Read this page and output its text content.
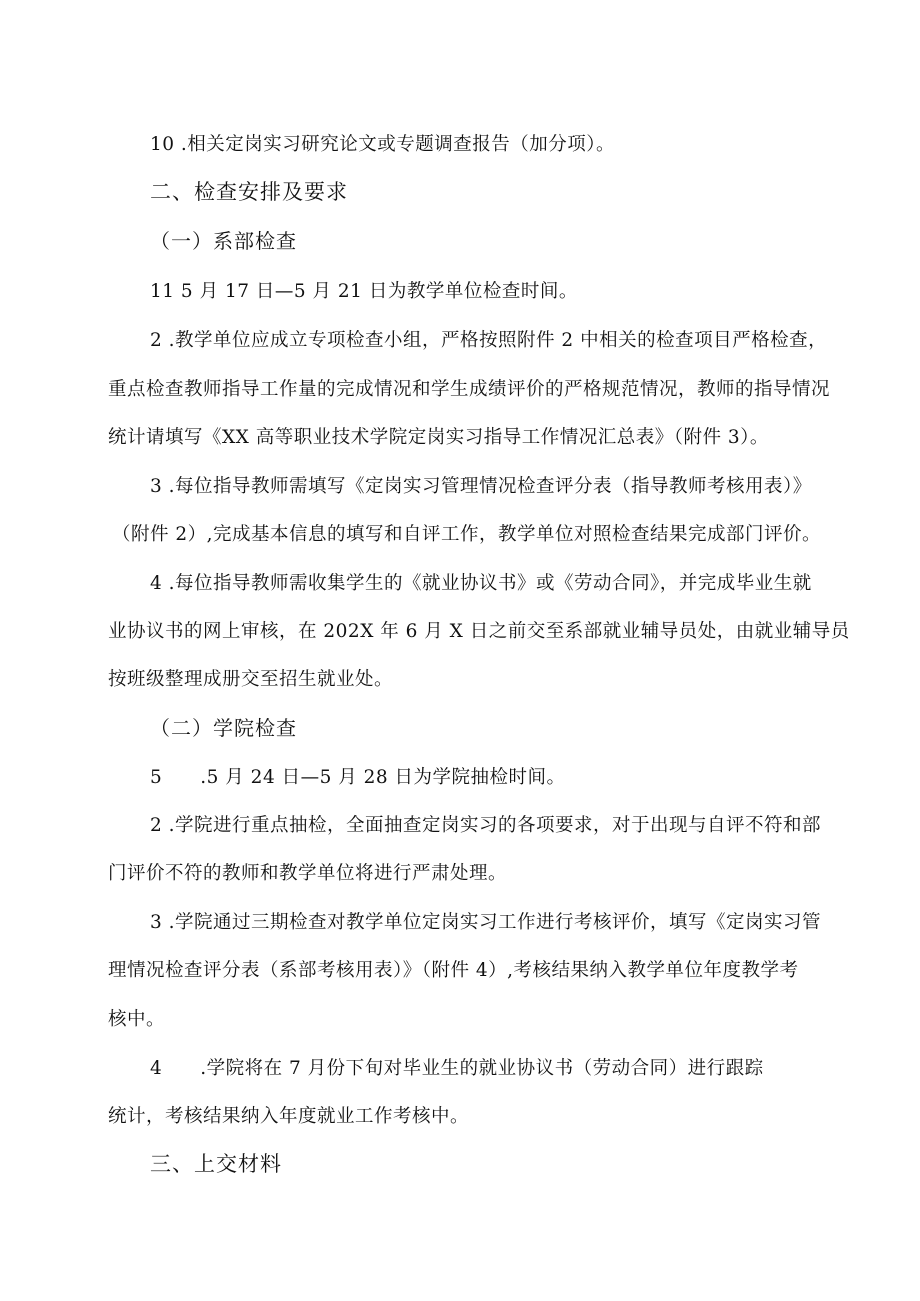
10 .相关定岗实习研究论文或专题调查报告（加分项）。
二、检查安排及要求
（一）系部检查
11 5 月 17 日—5 月 21 日为教学单位检查时间。
2 .教学单位应成立专项检查小组，严格按照附件 2 中相关的检查项目严格检查，
重点检查教师指导工作量的完成情况和学生成绩评价的严格规范情况，教师的指导情况
统计请填写《XX 高等职业技术学院定岗实习指导工作情况汇总表》（附件 3）。
3 .每位指导教师需填写《定岗实习管理情况检查评分表（指导教师考核用表）》
（附件 2）,完成基本信息的填写和自评工作，教学单位对照检查结果完成部门评价。
4 .每位指导教师需收集学生的《就业协议书》或《劳动合同》，并完成毕业生就
业协议书的网上审核，在 202X 年 6 月 X 日之前交至系部就业辅导员处，由就业辅导员
按班级整理成册交至招生就业处。
（二）学院检查
5　　.5 月 24 日—5 月 28 日为学院抽检时间。
2 .学院进行重点抽检，全面抽查定岗实习的各项要求，对于出现与自评不符和部
门评价不符的教师和教学单位将进行严肃处理。
3 .学院通过三期检查对教学单位定岗实习工作进行考核评价，填写《定岗实习管
理情况检查评分表（系部考核用表）》（附件 4）,考核结果纳入教学单位年度教学考
核中。
4　　.学院将在 7 月份下旬对毕业生的就业协议书（劳动合同）进行跟踪
统计，考核结果纳入年度就业工作考核中。
三、上交材料
